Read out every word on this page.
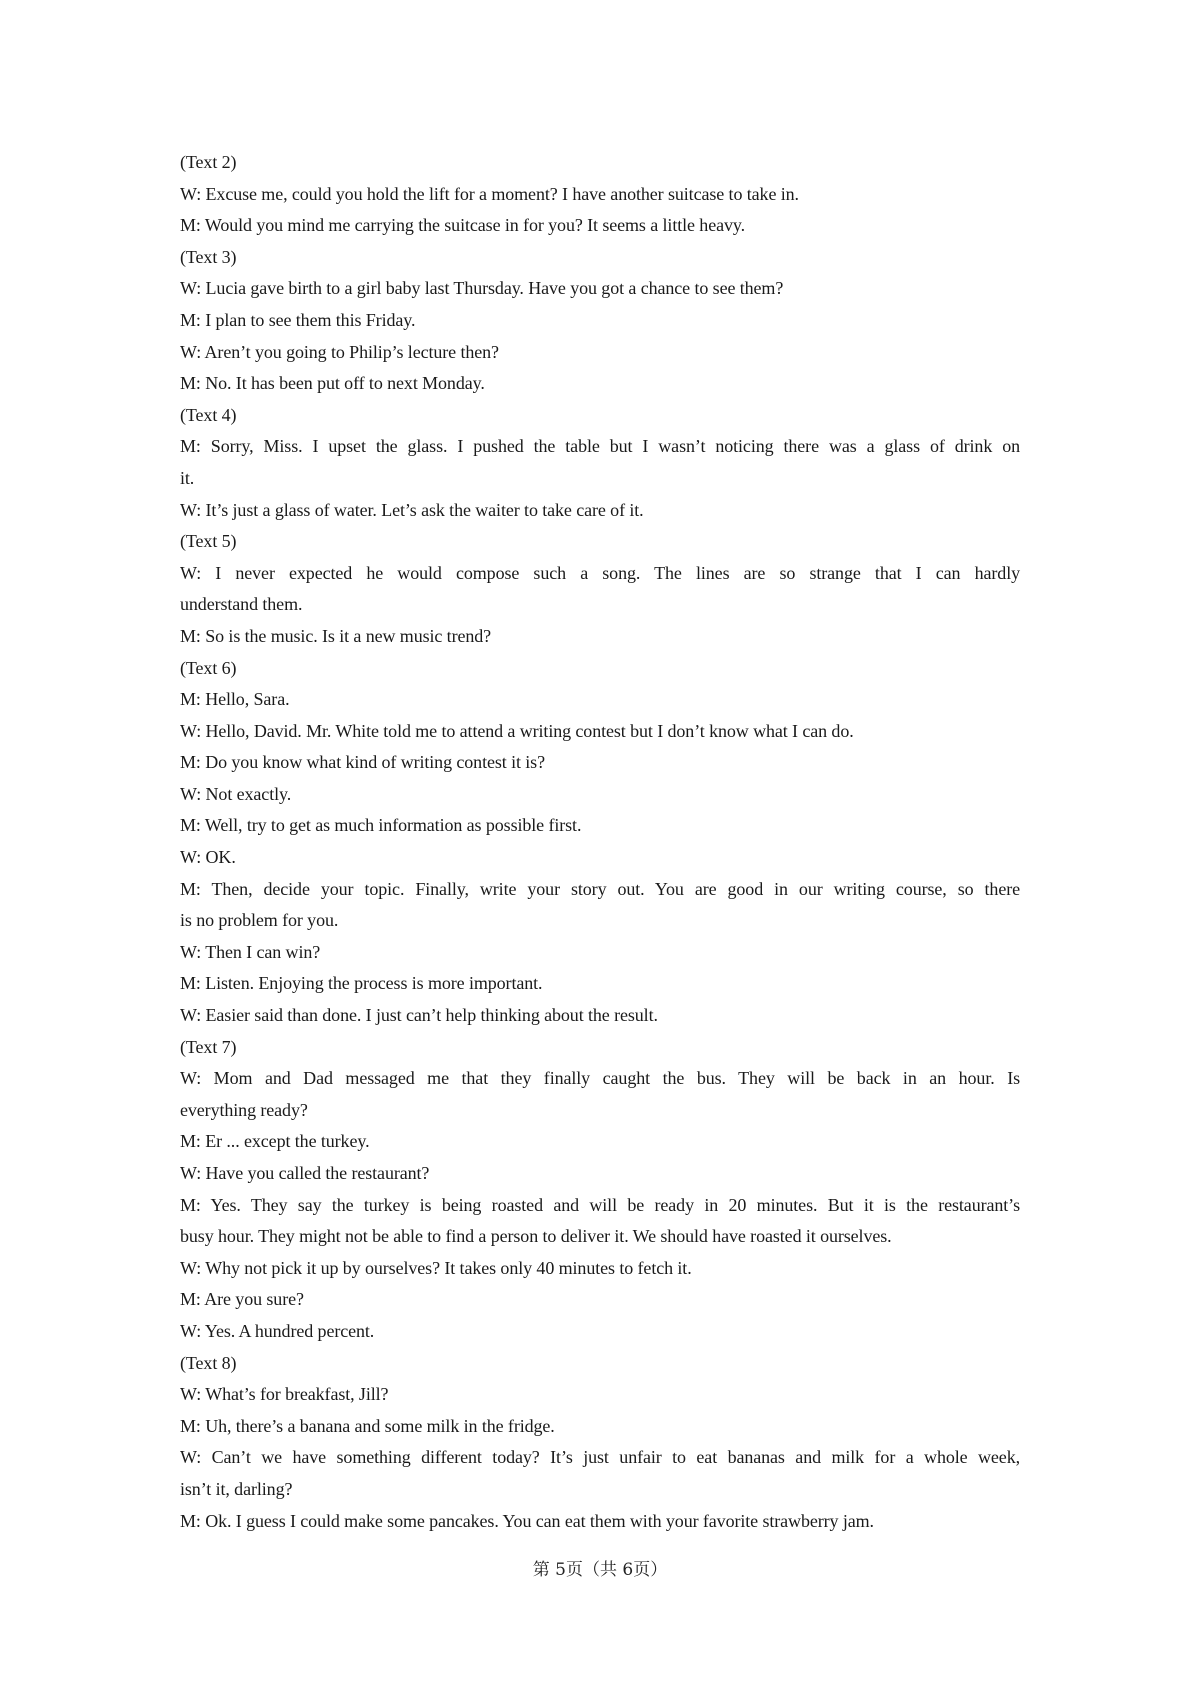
(Text 2)
W: Excuse me, could you hold the lift for a moment? I have another suitcase to take in.
M: Would you mind me carrying the suitcase in for you? It seems a little heavy.
(Text 3)
W: Lucia gave birth to a girl baby last Thursday. Have you got a chance to see them?
M: I plan to see them this Friday.
W: Aren’t you going to Philip’s lecture then?
M: No. It has been put off to next Monday.
(Text 4)
M: Sorry, Miss. I upset the glass. I pushed the table but I wasn’t noticing there was a glass of drink on
it.
W: It’s just a glass of water. Let’s ask the waiter to take care of it.
(Text 5)
W: I never expected he would compose such a song. The lines are so strange that I can hardly
understand them.
M: So is the music. Is it a new music trend?
(Text 6)
M: Hello, Sara.
W: Hello, David. Mr. White told me to attend a writing contest but I don’t know what I can do.
M: Do you know what kind of writing contest it is?
W: Not exactly.
M: Well, try to get as much information as possible first.
W: OK.
M: Then, decide your topic. Finally, write your story out. You are good in our writing course, so there
is no problem for you.
W: Then I can win?
M: Listen. Enjoying the process is more important.
W: Easier said than done. I just can’t help thinking about the result.
(Text 7)
W: Mom and Dad messaged me that they finally caught the bus. They will be back in an hour. Is
everything ready?
M: Er ... except the turkey.
W: Have you called the restaurant?
M: Yes. They say the turkey is being roasted and will be ready in 20 minutes. But it is the restaurant’s
busy hour. They might not be able to find a person to deliver it. We should have roasted it ourselves.
W: Why not pick it up by ourselves? It takes only 40 minutes to fetch it.
M: Are you sure?
W: Yes. A hundred percent.
(Text 8)
W: What’s for breakfast, Jill?
M: Uh, there’s a banana and some milk in the fridge.
W: Can’t we have something different today? It’s just unfair to eat bananas and milk for a whole week,
isn’t it, darling?
M: Ok. I guess I could make some pancakes. You can eat them with your favorite strawberry jam.
第 5页（共 6页）
